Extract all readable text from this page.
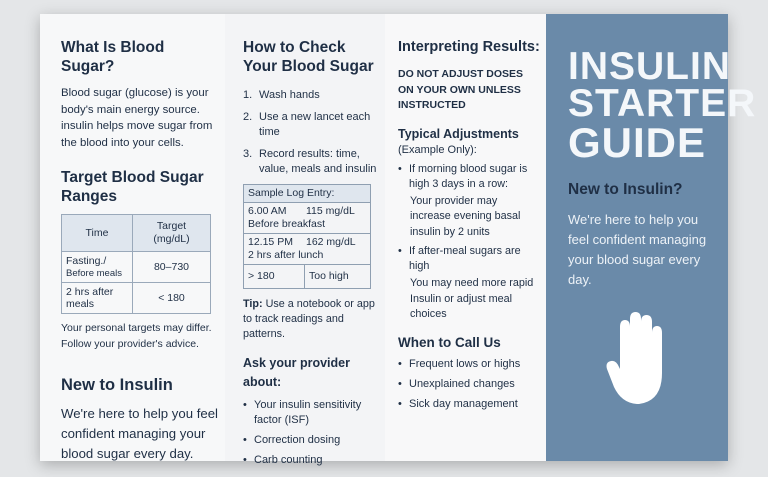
What Is Blood Sugar?

Blood sugar (glucose) is your body's main energy source. insulin helps move sugar from the blood into your cells.

Target Blood Sugar Ranges
Time	Target
(mg/dL)
Fasting./
Before meals	80–730
2 hrs after
meals	< 180

Your personal targets may differ. Follow your provider's advice.

New to Insulin

We're here to help you feel confident managing your blood sugar every day.

How to Check Your Blood Sugar
1. Wash hands
2. Use a new lancet each time
3. Record results: time, value, meals and insulin
Sample Log Entry:
6.00 AM 115 mg/dL
Before breakfast
12.15 PM 162 mg/dL
2 hrs after lunch
> 180	Too high

Tip: Use a notebook or app to track readings and patterns.

Ask your provider about:
• Your insulin sensitivity factor (ISF)
• Correction dosing
• Carb counting
Interpreting Results:

DO NOT ADJUST DOSES ON YOUR OWN UNLESS INSTRUCTED

Typical Adjustments

(Example Only):

• If morning blood sugar is high 3 days in a row:

Your provider may increase evening basal insulin by 2 units

• If after-meal sugars are high

You may need more rapid Insulin or adjust meal choices

When to Call Us
• Frequent lows or highs
• Unexplained changes
• Sick day management
INSULIN
STARTER
GUIDE
New to Insulin?
We're here to help you feel confident managing your blood sugar every day.
